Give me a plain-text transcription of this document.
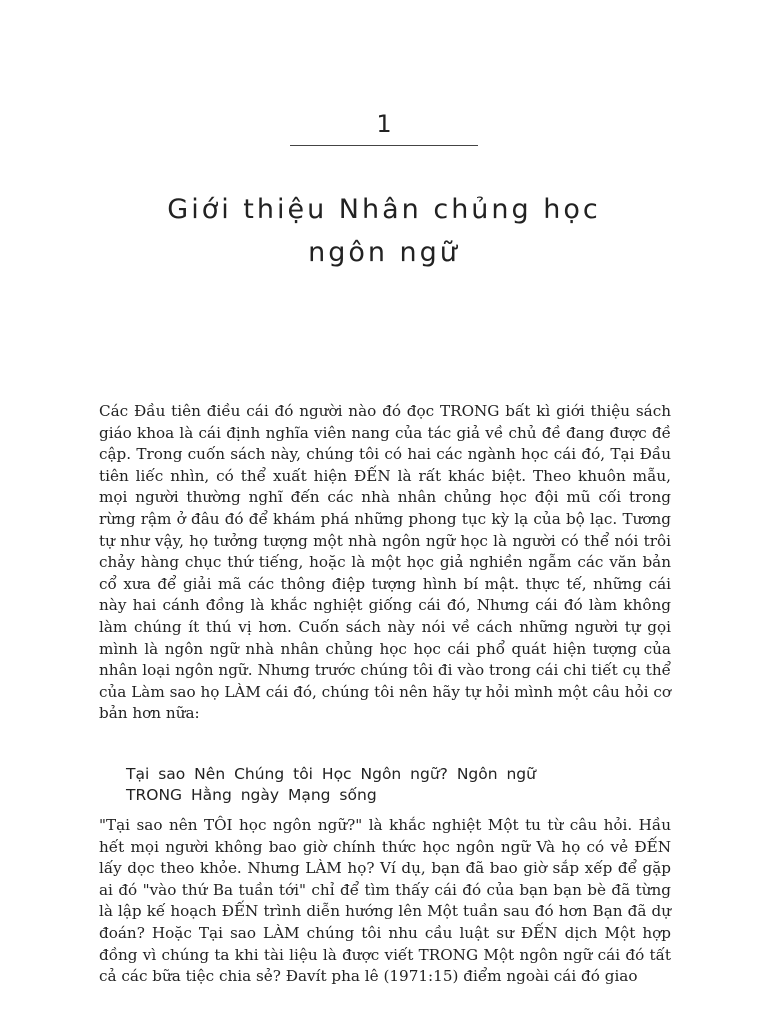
1
Giới thiệu Nhân chủng học
ngôn ngữ

Các Đầu tiên điều cái đó người nào đó đọc TRONG bất kì giới thiệu sách giáo khoa là cái định nghĩa viên nang của tác giả về chủ đề đang được đề cập. Trong cuốn sách này, chúng tôi có hai các ngành học cái đó, Tại Đầu tiên liếc nhìn, có thể xuất hiện ĐẾN là rất khác biệt. Theo khuôn mẫu, mọi người thường nghĩ đến các nhà nhân chủng học đội mũ cối trong rừng rậm ở đâu đó để khám phá những phong tục kỳ lạ của bộ lạc. Tương tự như vậy, họ tưởng tượng một nhà ngôn ngữ học là người có thể nói trôi chảy hàng chục thứ tiếng, hoặc là một học giả nghiền ngẫm các văn bản cổ xưa để giải mã các thông điệp tượng hình bí mật. thực tế, những cái này hai cánh đồng là khắc nghiệt giống cái đó, Nhưng cái đó làm không làm chúng ít thú vị hơn. Cuốn sách này nói về cách những người tự gọi mình là ngôn ngữ nhà nhân chủng học học cái phổ quát hiện tượng của nhân loại ngôn ngữ. Nhưng trước chúng tôi đi vào trong cái chi tiết cụ thể của Làm sao họ LÀM cái đó, chúng tôi nên hãy tự hỏi mình một câu hỏi cơ bản hơn nữa:

Tại sao Nên Chúng tôi Học Ngôn ngữ? Ngôn ngữ
TRONG Hằng ngày Mạng sống

"Tại sao nên TÔI học ngôn ngữ?" là khắc nghiệt Một tu từ câu hỏi. Hầu hết mọi người không bao giờ chính thức học ngôn ngữ Và họ có vẻ ĐẾN lấy dọc theo khỏe. Nhưng LÀM họ? Ví dụ, bạn đã bao giờ sắp xếp để gặp ai đó "vào thứ Ba tuần tới" chỉ để tìm thấy cái đó của bạn bạn bè đã từng là lập kế hoạch ĐẾN trình diễn hướng lên Một tuần sau đó hơn Bạn đã dự đoán? Hoặc Tại sao LÀM chúng tôi nhu cầu luật sư ĐẾN dịch Một hợp đồng vì chúng ta khi tài liệu là được viết TRONG Một ngôn ngữ cái đó tất cả các bữa tiệc chia sẻ? Đavít pha lê (1971:15) điểm ngoài cái đó giao
